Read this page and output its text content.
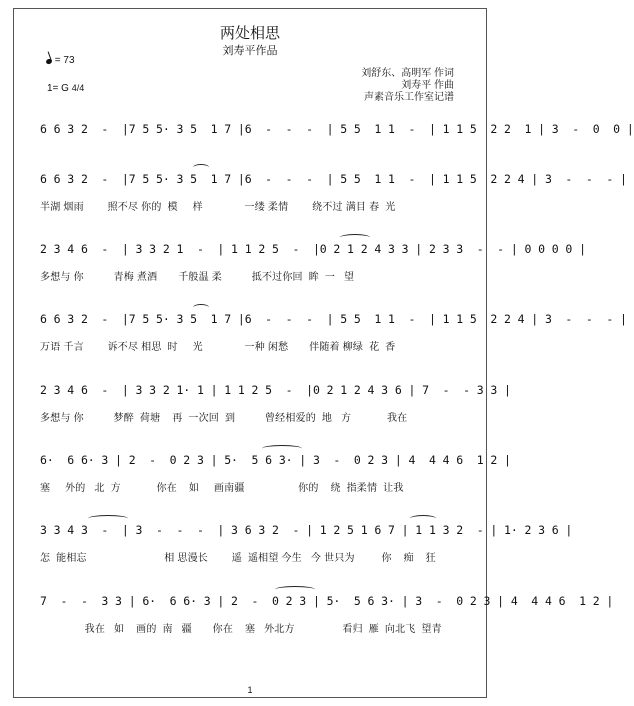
两处相思
刘寿平作品
= 73
1= G 4/4
刘舒东、高明军 作词
刘寿平 作曲
声素音乐工作室记谱
6 6 3 2  -  |7 5 5· 3 5  1 7 |6  -  -  -  | 5 5  1 1  -  | 1 1 5  2 2  1 | 3  -  0  0 |
6 6 3 2  -  |7 5 5· 3 5  1 7 |6  -  -  -  | 5 5  1 1  -  | 1 1 5  2 2 4 | 3  -  -  - |
半湖 烟雨        照不尽 你的  模     样              一缕 柔情        绕不过 满目 春  光
2 3 4 6  -  | 3 3 2 1  -  | 1 1 2 5  -  |0 2 1 2 4 3 3 | 2 3 3  -  - | 0 0 0 0 |
多想与 你          青梅 煮酒       千般温 柔          抵不过你回  眸  一   望
6 6 3 2  -  |7 5 5· 3 5  1 7 |6  -  -  -  | 5 5  1 1  -  | 1 1 5  2 2 4 | 3  -  -  - |
万语 千言        诉不尽 相思  时     光              一种 闲愁       伴随着 柳绿  花  香
2 3 4 6  -  | 3 3 2 1· 1 | 1 1 2 5  -  |0 2 1 2 4 3 6 | 7  -  - 3 3 |
多想与 你          梦醉  荷塘    再  一次回  到          曾经相爱的  地   方            我在
6·  6 6· 3 | 2  -  0 2 3 | 5·  5 6 3· | 3  -  0 2 3 | 4  4 4 6  1 2 |
塞     外的   北  方            你在    如     画南疆                  你的    绕  指柔情  让我
3 3 4 3  -  | 3  -  -  -  | 3 6 3 2  - | 1 2 5 1 6 7 | 1 1 3 2  - | 1· 2 3 6 |
怎  能相忘                          相 思漫长        遥  遥相望 今生   今 世只为         你    痴    狂
7  -  -  3 3 | 6·  6 6· 3 | 2  -  0 2 3 | 5·  5 6 3· | 3  -  0 2 3 | 4  4 4 6  1 2 |
我在   如    画的  南   疆       你在    塞   外北方                看归  雁  向北飞  望青
1
